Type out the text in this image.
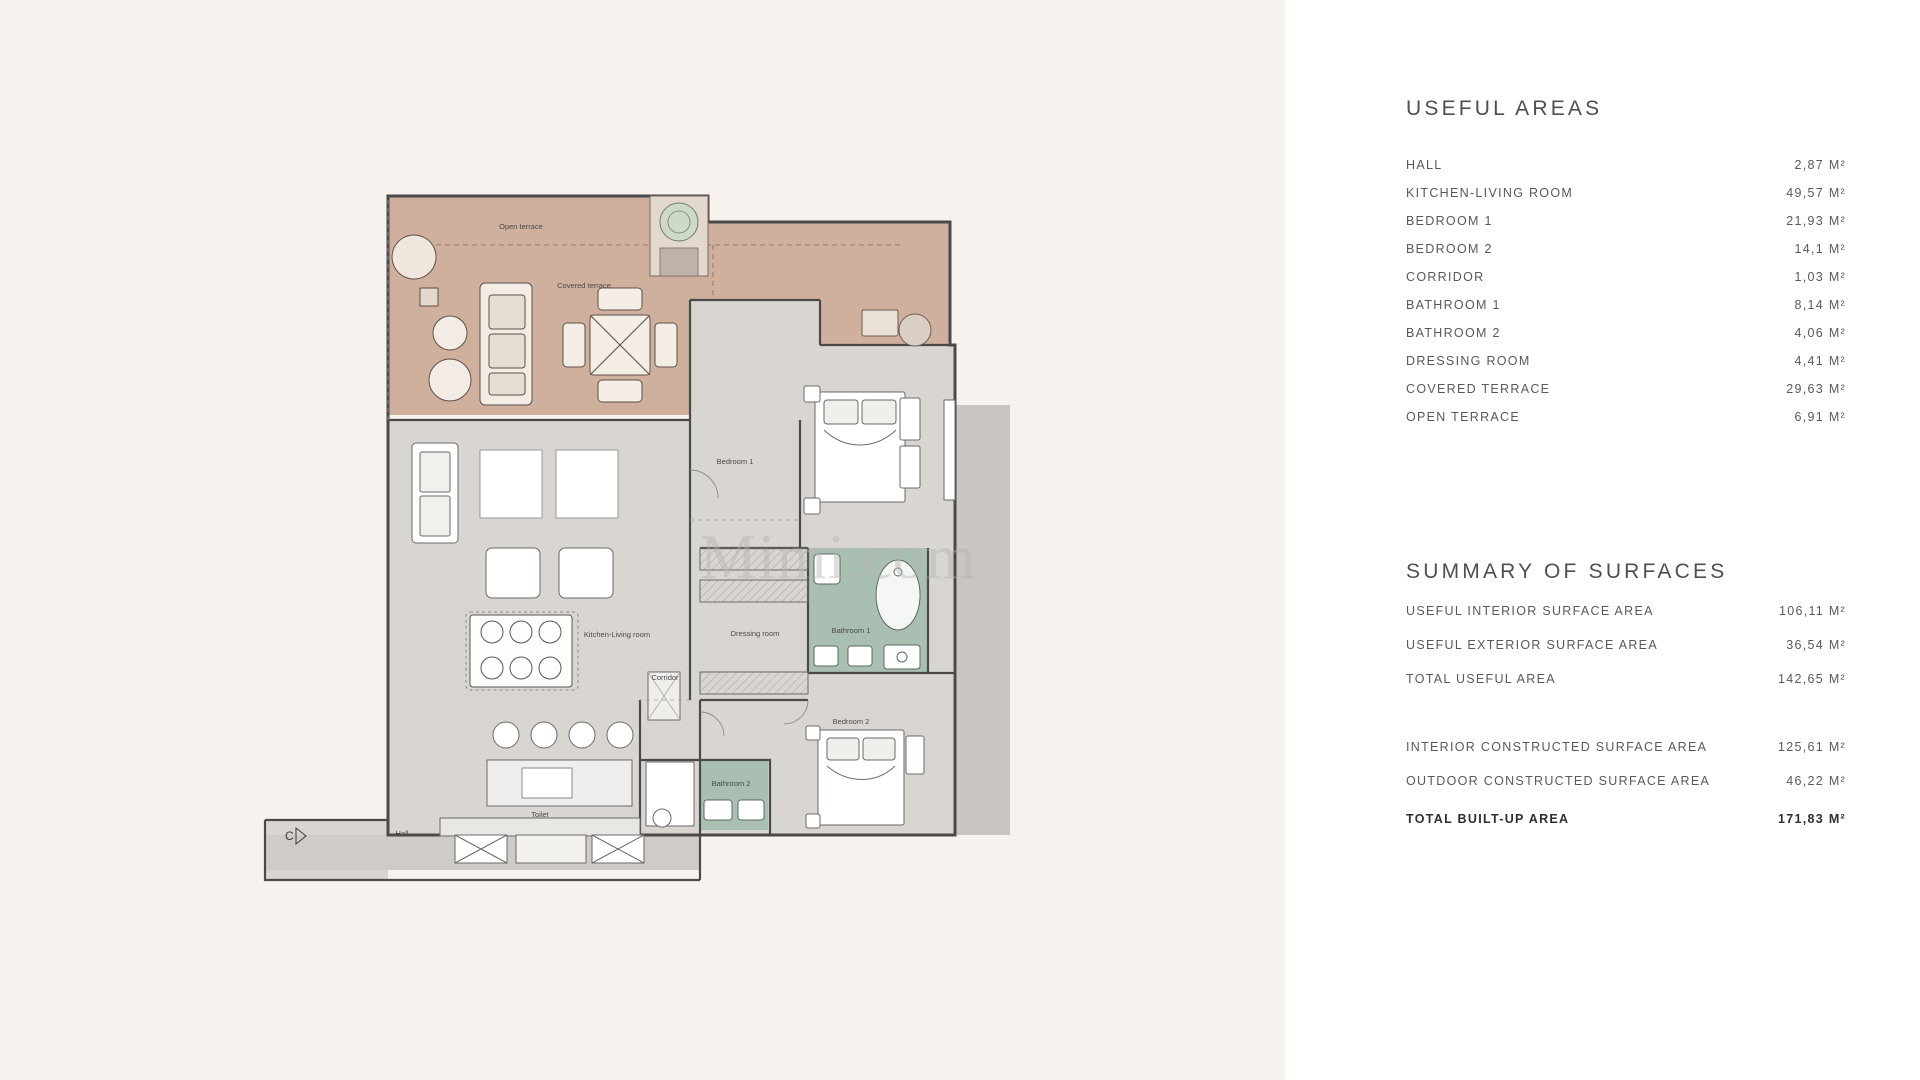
C
Open terrace
Covered terrace
Bedroom 1
Kitchen-Living room	Dressing room	Bathroom 1
Corridor
Bedroom 2
Bathroom 2
Toilet
Hall
Mimi.com
USEFUL AREAS
HALL	2,87 M²
KITCHEN-LIVING ROOM	49,57 M²
BEDROOM 1	21,93 M²
BEDROOM 2	14,1 M²
CORRIDOR	1,03 M²
BATHROOM 1	8,14 M²
BATHROOM 2	4,06 M²
DRESSING ROOM	4,41 M²
COVERED TERRACE	29,63 M²
OPEN TERRACE	6,91 M²
SUMMARY OF SURFACES
USEFUL INTERIOR SURFACE AREA	106,11 M²
USEFUL EXTERIOR SURFACE AREA	36,54 M²
TOTAL USEFUL AREA	142,65 M²
INTERIOR CONSTRUCTED SURFACE AREA	125,61 M²
OUTDOOR CONSTRUCTED SURFACE AREA	46,22 M²
TOTAL BUILT-UP AREA	171,83 M²
